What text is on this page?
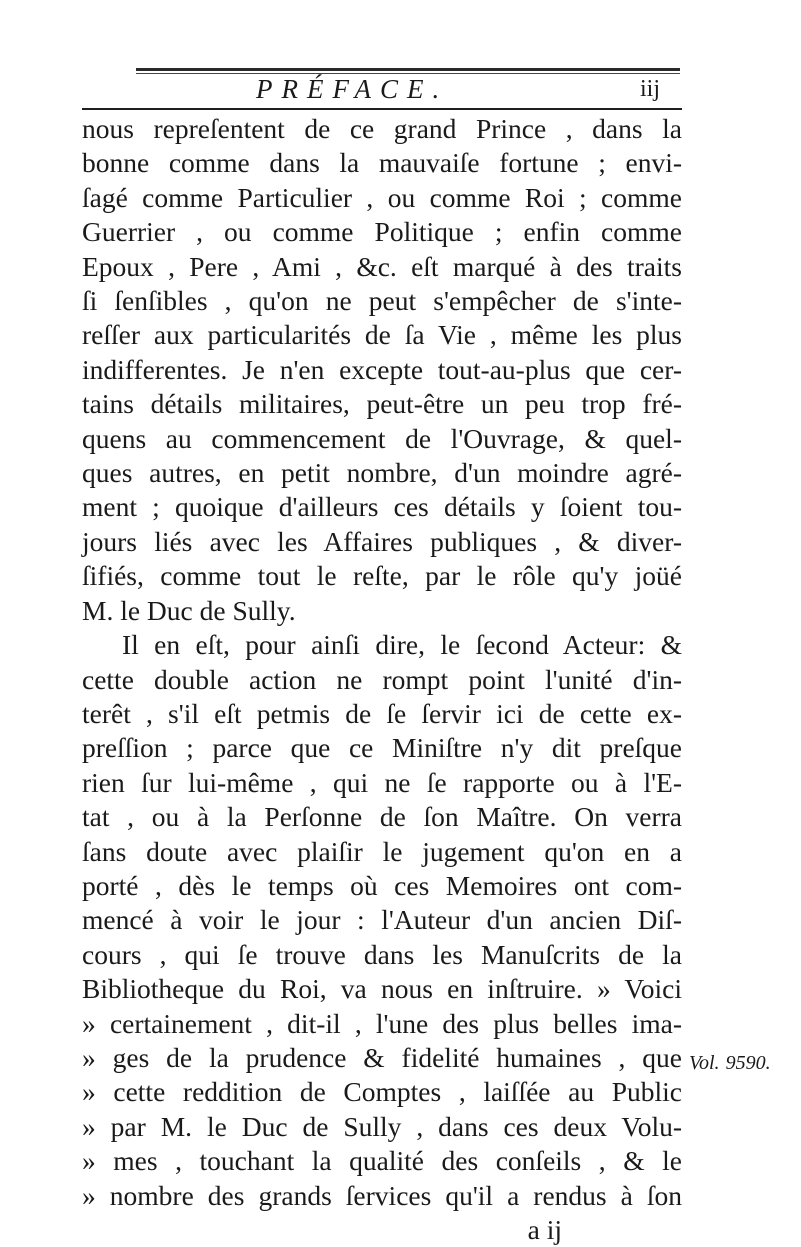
PRÉFACE.	iij
nous repreſentent de ce grand Prince , dans la
bonne comme dans la mauvaiſe fortune ; envi-
ſagé comme Particulier , ou comme Roi ; comme
Guerrier , ou comme Politique ; enfin comme
Epoux , Pere , Ami , &c. eſt marqué à des traits
ſi ſenſibles , qu'on ne peut s'empêcher de s'inte-
reſſer aux particularités de ſa Vie , même les plus
indifferentes. Je n'en excepte tout-au-plus que cer-
tains détails militaires, peut-être un peu trop fré-
quens au commencement de l'Ouvrage, & quel-
ques autres, en petit nombre, d'un moindre agré-
ment ; quoique d'ailleurs ces détails y ſoient tou-
jours liés avec les Affaires publiques , & diver-
ſifiés, comme tout le reſte, par le rôle qu'y joüé
M. le Duc de Sully.
Il en eſt, pour ainſi dire, le ſecond Acteur: &
cette double action ne rompt point l'unité d'in-
terêt , s'il eſt petmis de ſe ſervir ici de cette ex-
preſſion ; parce que ce Miniſtre n'y dit preſque
rien ſur lui-même , qui ne ſe rapporte ou à l'E-
tat , ou à la Perſonne de ſon Maître. On verra
ſans doute avec plaiſir le jugement qu'on en a
porté , dès le temps où ces Memoires ont com-
mencé à voir le jour : l'Auteur d'un ancien Diſ-
cours , qui ſe trouve dans les Manuſcrits de la
Bibliotheque du Roi, va nous en inſtruire. » Voici
» certainement , dit-il , l'une des plus belles ima-
» ges de la prudence & fidelité humaines , que
» cette reddition de Comptes , laiſſée au Public
» par M. le Duc de Sully , dans ces deux Volu-
» mes , touchant la qualité des conſeils , & le
» nombre des grands ſervices qu'il a rendus à ſon
a ij
Vol. 9590.
